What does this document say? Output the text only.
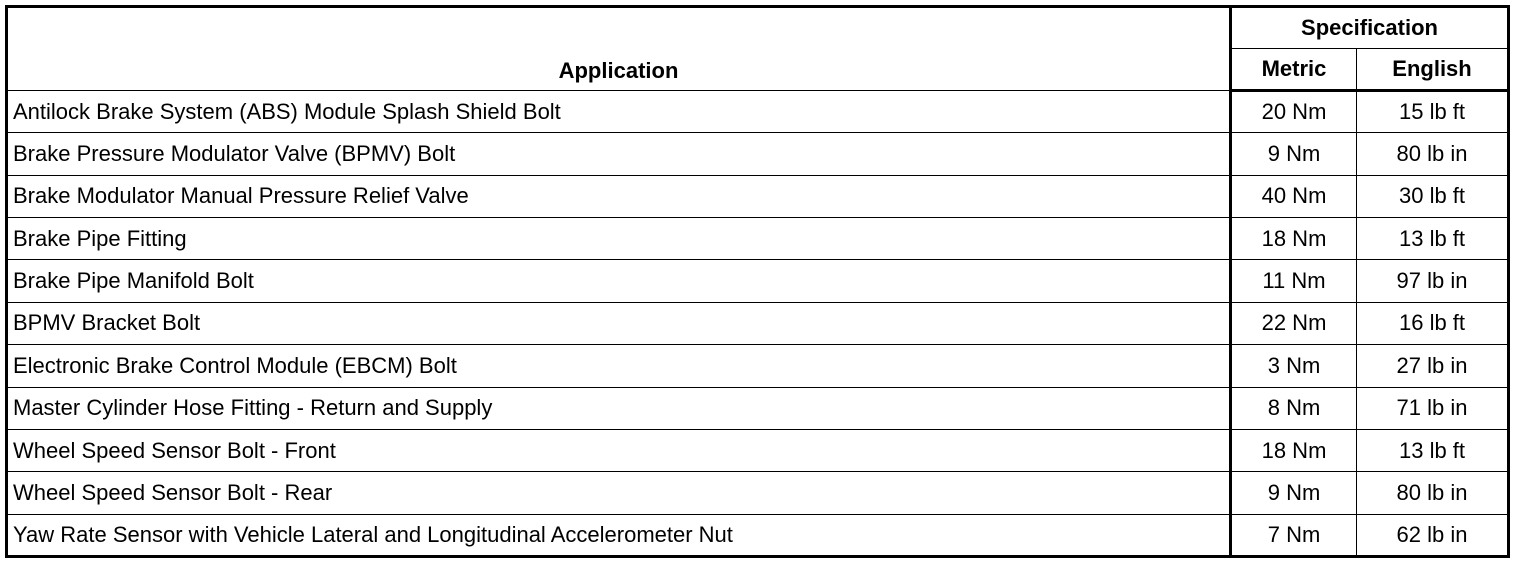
Application	Specification	
	Metric	English
Antilock Brake System (ABS) Module Splash Shield Bolt	20 Nm	15 lb ft
Brake Pressure Modulator Valve (BPMV) Bolt	9 Nm	80 lb in
Brake Modulator Manual Pressure Relief Valve	40 Nm	30 lb ft
Brake Pipe Fitting	18 Nm	13 lb ft
Brake Pipe Manifold Bolt	11 Nm	97 lb in
BPMV Bracket Bolt	22 Nm	16 lb ft
Electronic Brake Control Module (EBCM) Bolt	3 Nm	27 lb in
Master Cylinder Hose Fitting - Return and Supply	8 Nm	71 lb in
Wheel Speed Sensor Bolt - Front	18 Nm	13 lb ft
Wheel Speed Sensor Bolt - Rear	9 Nm	80 lb in
Yaw Rate Sensor with Vehicle Lateral and Longitudinal Accelerometer Nut	7 Nm	62 lb in
